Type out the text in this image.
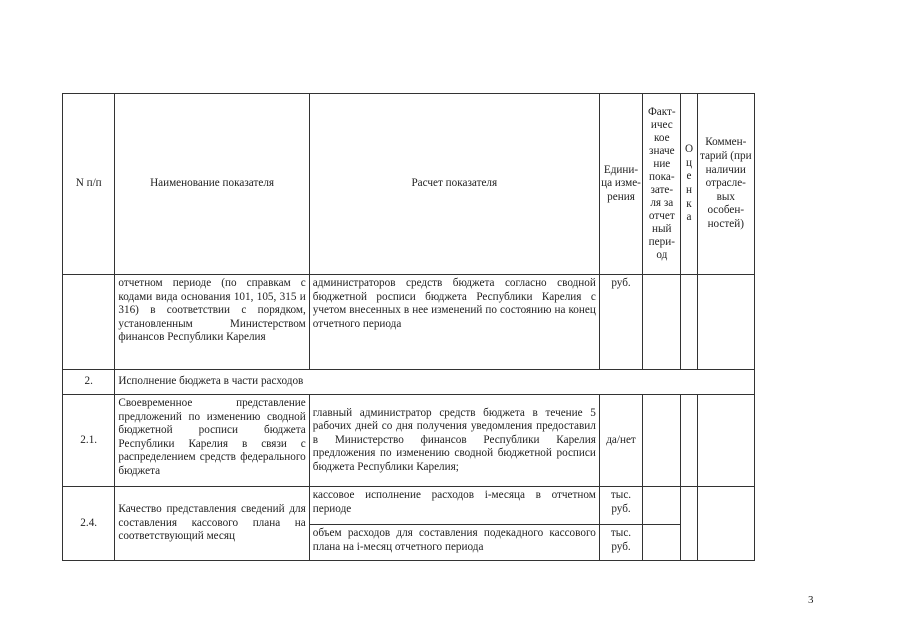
N п/п	Наименование показателя	Расчет показателя	Едини- ца изме- рения	Факт- ичес кое значе ние пока- зате- ля за отчет ный пери- од	О ц е н к а	Коммен- тарий (при наличии отрасле- вых особен- ностей)
	отчетном периоде (по справкам с кодами вида основания 101, 105, 315 и 316) в соответствии с порядком, установленным Министерством финансов Республики Карелия	администраторов средств бюджета согласно сводной бюджетной росписи бюджета Республики Карелия с учетом внесенных в нее изменений по состоянию на конец отчетного периода	руб.			
2.	Исполнение бюджета в части расходов					
2.1.	Своевременное представление предложений по изменению сводной бюджетной росписи бюджета Республики Карелия в связи с распределением средств федерального бюджета	главный администратор средств бюджета в течение 5 рабочих дней со дня получения уведомления предоставил в Министерство финансов Республики Карелия предложения по изменению сводной бюджетной росписи бюджета Республики Карелия;	да/нет			
2.4.	Качество представления сведений для составления кассового плана на соответствующий месяц	кассовое исполнение расходов i-месяца в отчетном периоде	тыс. руб.			
		объем расходов для составления подекадного кассового плана на i-месяц отчетного периода	тыс. руб.			
3
